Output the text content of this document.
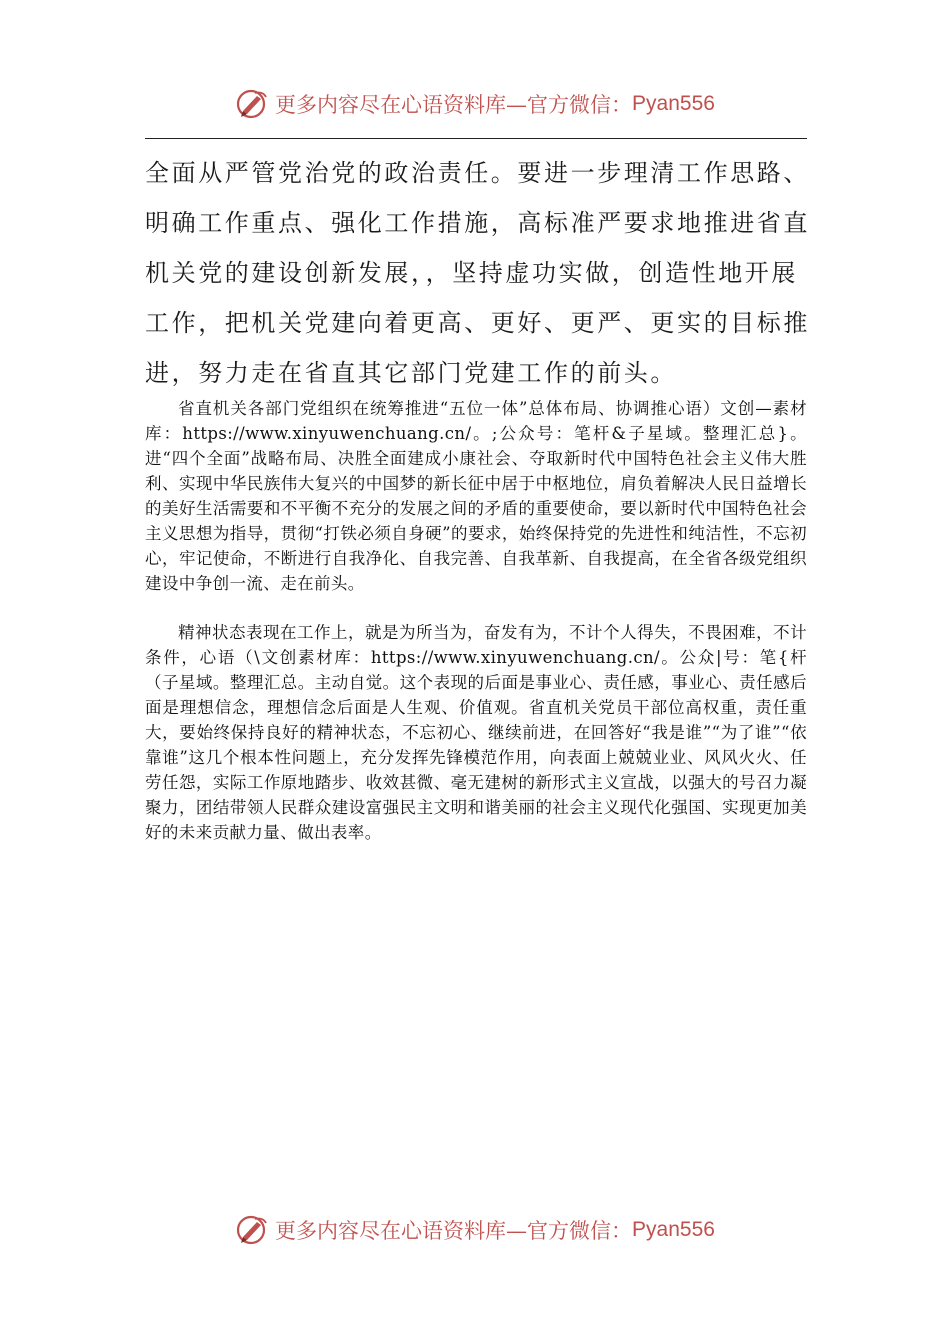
更多内容尽在心语资料库—官方微信： Pyan556

全面从严管党治党的政治责任。要进一步理清工作思路、明确工作重点、强化工作措施，高标准严要求地推进省直机关党的建设创新发展，，坚持虚功实做，创造性地开展工作，把机关党建向着更高、更好、更严、更实的目标推进，努力走在省直其它部门党建工作的前头。

省直机关各部门党组织在统筹推进“五位一体”总体布局、协调推心语）文创—素材库：https://www.xinyuwenchuang.cn/。;公众号：笔杆&子星域。整理汇总}。进“四个全面”战略布局、决胜全面建成小康社会、夺取新时代中国特色社会主义伟大胜利、实现中华民族伟大复兴的中国梦的新长征中居于中枢地位，肩负着解决人民日益增长的美好生活需要和不平衡不充分的发展之间的矛盾的重要使命，要以新时代中国特色社会主义思想为指导，贯彻“打铁必须自身硬”的要求，始终保持党的先进性和纯洁性，不忘初心，牢记使命，不断进行自我净化、自我完善、自我革新、自我提高，在全省各级党组织建设中争创一流、走在前头。

精神状态表现在工作上，就是为所当为，奋发有为，不计个人得失，不畏困难，不计条件，心语（\文创素材库：https://www.xinyuwenchuang.cn/。公众|号：笔{杆（子星域。整理汇总。主动自觉。这个表现的后面是事业心、责任感，事业心、责任感后面是理想信念，理想信念后面是人生观、价值观。省直机关党员干部位高权重，责任重大，要始终保持良好的精神状态，不忘初心、继续前进，在回答好“我是谁”“为了谁”“依靠谁”这几个根本性问题上，充分发挥先锋模范作用，向表面上兢兢业业、风风火火、任劳任怨，实际工作原地踏步、收效甚微、毫无建树的新形式主义宣战，以强大的号召力凝聚力，团结带领人民群众建设富强民主文明和谐美丽的社会主义现代化强国、实现更加美好的未来贡献力量、做出表率。

更多内容尽在心语资料库—官方微信： Pyan556
